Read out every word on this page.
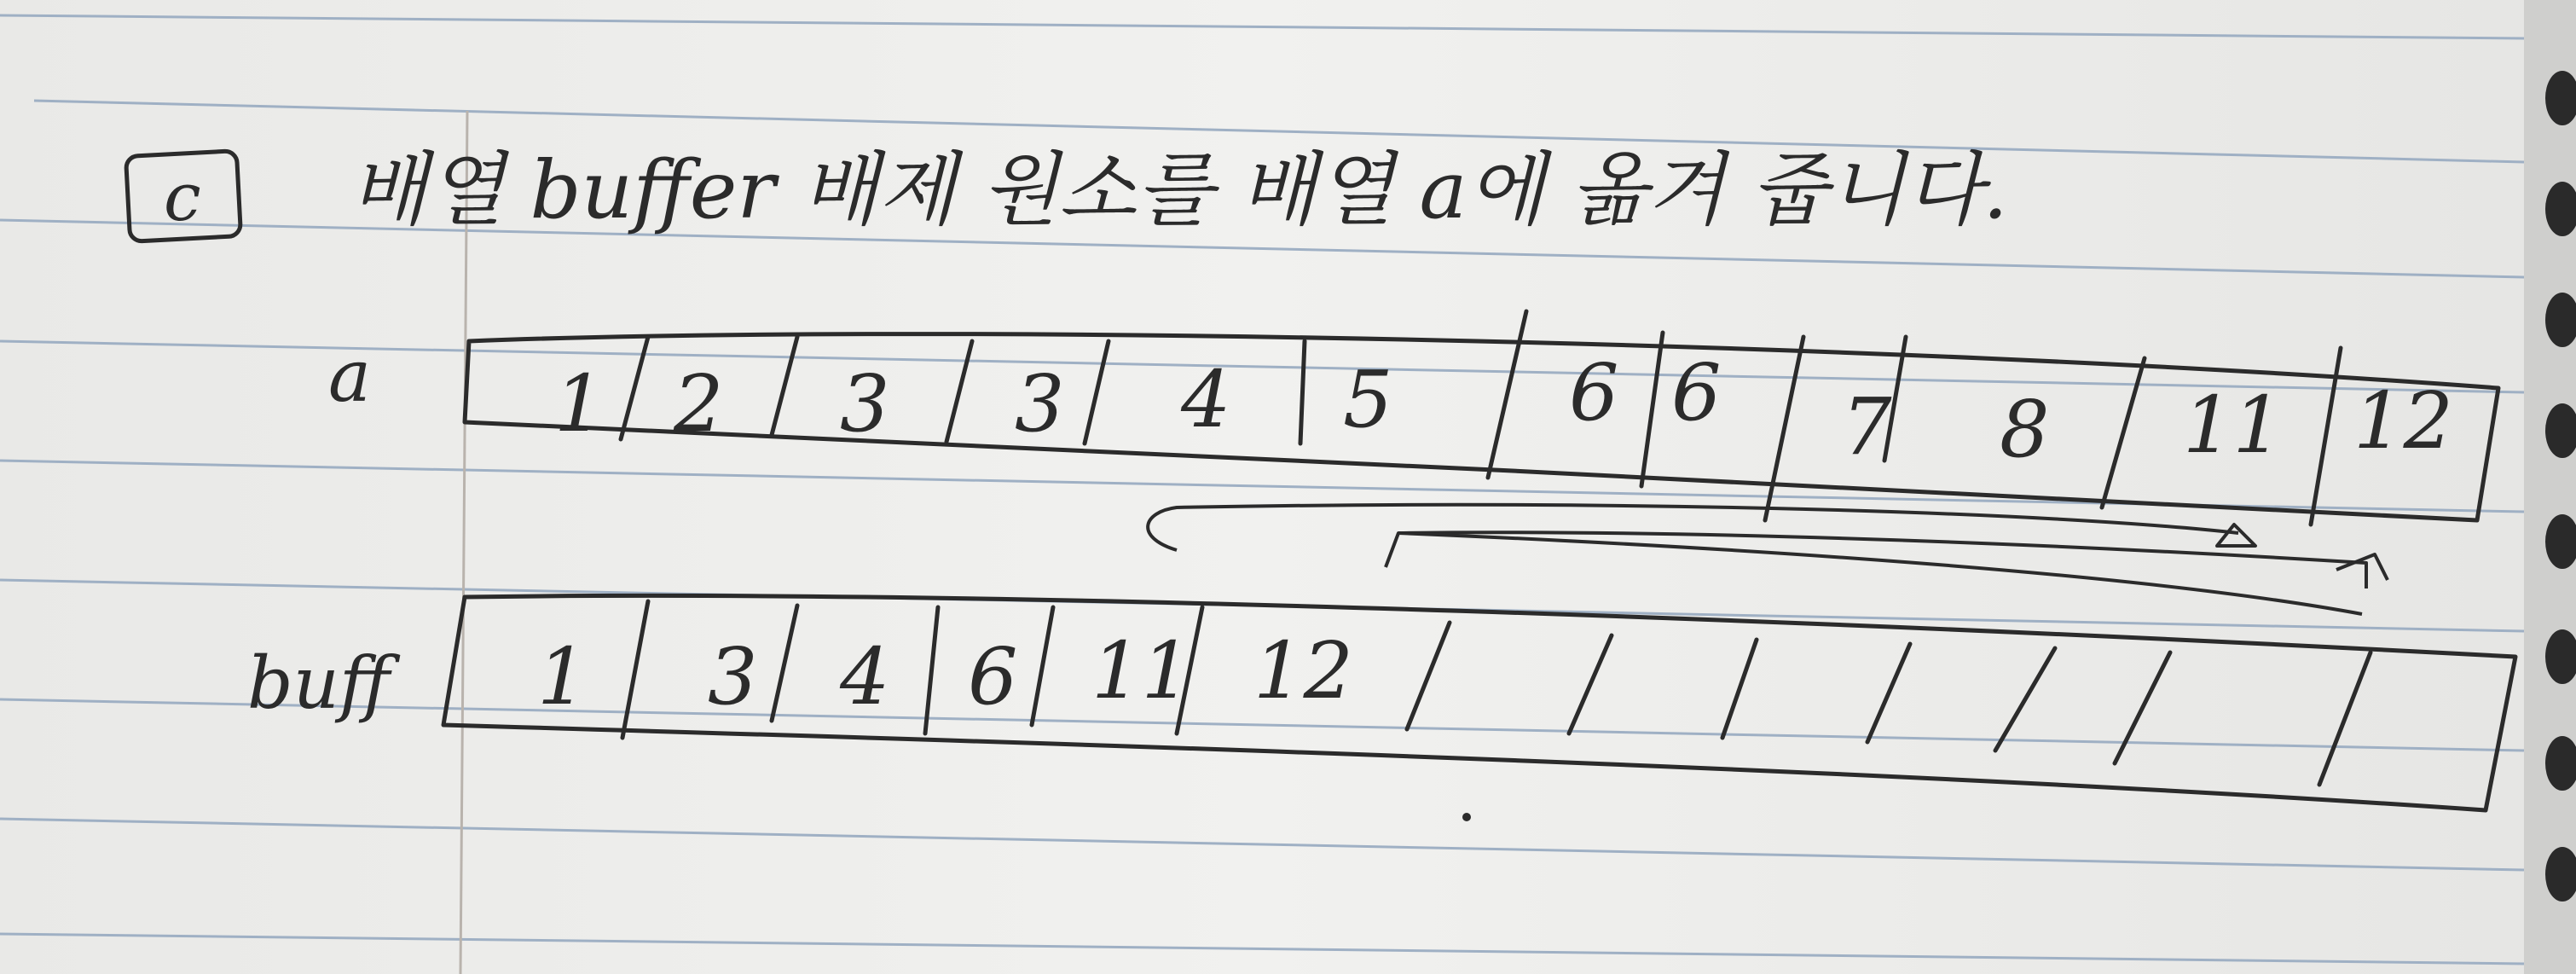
c 배열 buffer 배제 원소를 배열 a에 옮겨 줍니다.
a 1 2 3 3 4 5 6 6 7 8 11 12
buff 1 3 4 6 11 12
